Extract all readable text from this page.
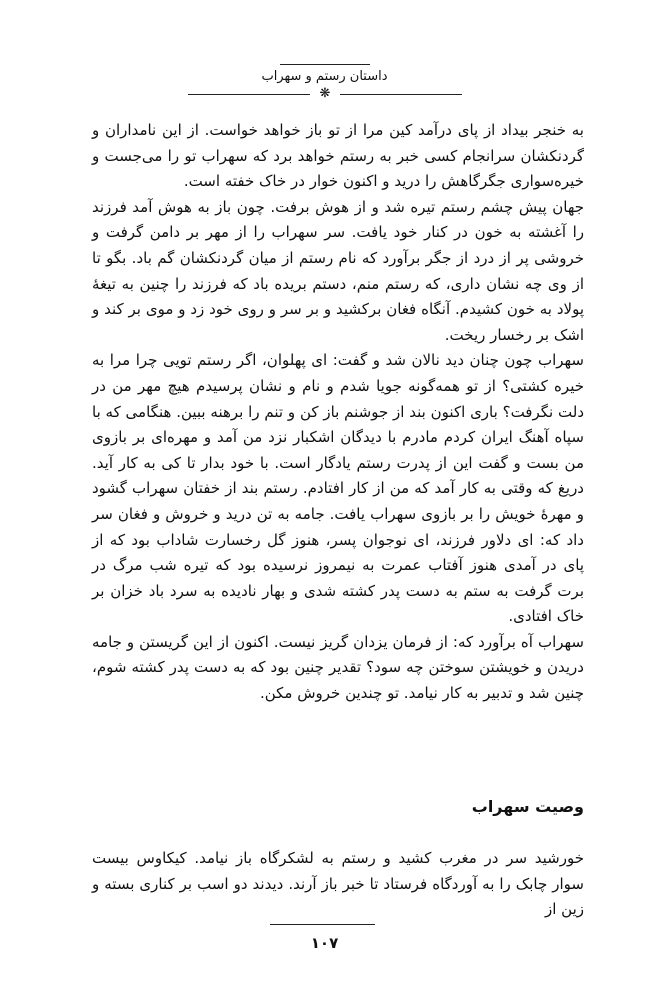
داستان رستم و سهراب
❋

به خنجر بیداد از پای درآمد کین مرا از تو باز خواهد خواست. از این نامداران و گردنکشان سرانجام کسی خبر به رستم خواهد برد که سهراب تو را می‌جست و خیره‌سواری جگرگاهش را درید و اکنون خوار در خاک خفته است.

جهان پیش چشم رستم تیره شد و از هوش برفت. چون باز به هوش آمد فرزند را آغشته به خون در کنار خود یافت. سر سهراب را از مهر بر دامن گرفت و خروشی پر از درد از جگر برآورد که نام رستم از میان گردنکشان گم باد. بگو تا از وی چه نشان داری، که رستم منم، دستم بریده باد که فرزند را چنین به تیغهٔ پولاد به خون کشیدم. آنگاه فغان برکشید و بر سر و روی خود زد و موی بر کند و اشک بر رخسار ریخت.

سهراب چون چنان دید نالان شد و گفت: ای پهلوان، اگر رستم تویی چرا مرا به خیره کشتی؟ از تو همه‌گونه جویا شدم و نام و نشان پرسیدم هیچ مهر من در دلت نگرفت؟ باری اکنون بند از جوشنم باز کن و تنم را برهنه ببین. هنگامی که با سپاه آهنگ ایران کردم مادرم با دیدگان اشکبار نزد من آمد و مهره‌ای بر بازوی من بست و گفت این از پدرت رستم یادگار است. با خود بدار تا کی به کار آید. دریغ که وقتی به کار آمد که من از کار افتادم. رستم بند از خفتان سهراب گشود و مهرهٔ خویش را بر بازوی سهراب یافت. جامه به تن درید و خروش و فغان سر داد که: ای دلاور فرزند، ای نوجوان پسر، هنوز گل رخسارت شاداب بود که از پای در آمدی هنوز آفتاب عمرت به نیمروز نرسیده بود که تیره شب مرگ در برت گرفت به ستم به دست پدر کشته شدی و بهار نادیده به سرد باد خزان بر خاک افتادی.

سهراب آه برآورد که: از فرمان یزدان گریز نیست. اکنون از این گریستن و جامه دریدن و خویشتن سوختن چه سود؟ تقدیر چنین بود که به دست پدر کشته شوم، چنین شد و تدبیر به کار نیامد. تو چندین خروش مکن.

وصیت سهراب

خورشید سر در مغرب کشید و رستم به لشکرگاه باز نیامد. کیکاوس بیست سوار چابک را به آوردگاه فرستاد تا خبر باز آرند. دیدند دو اسب بر کناری بسته و زین از

۱۰۷
